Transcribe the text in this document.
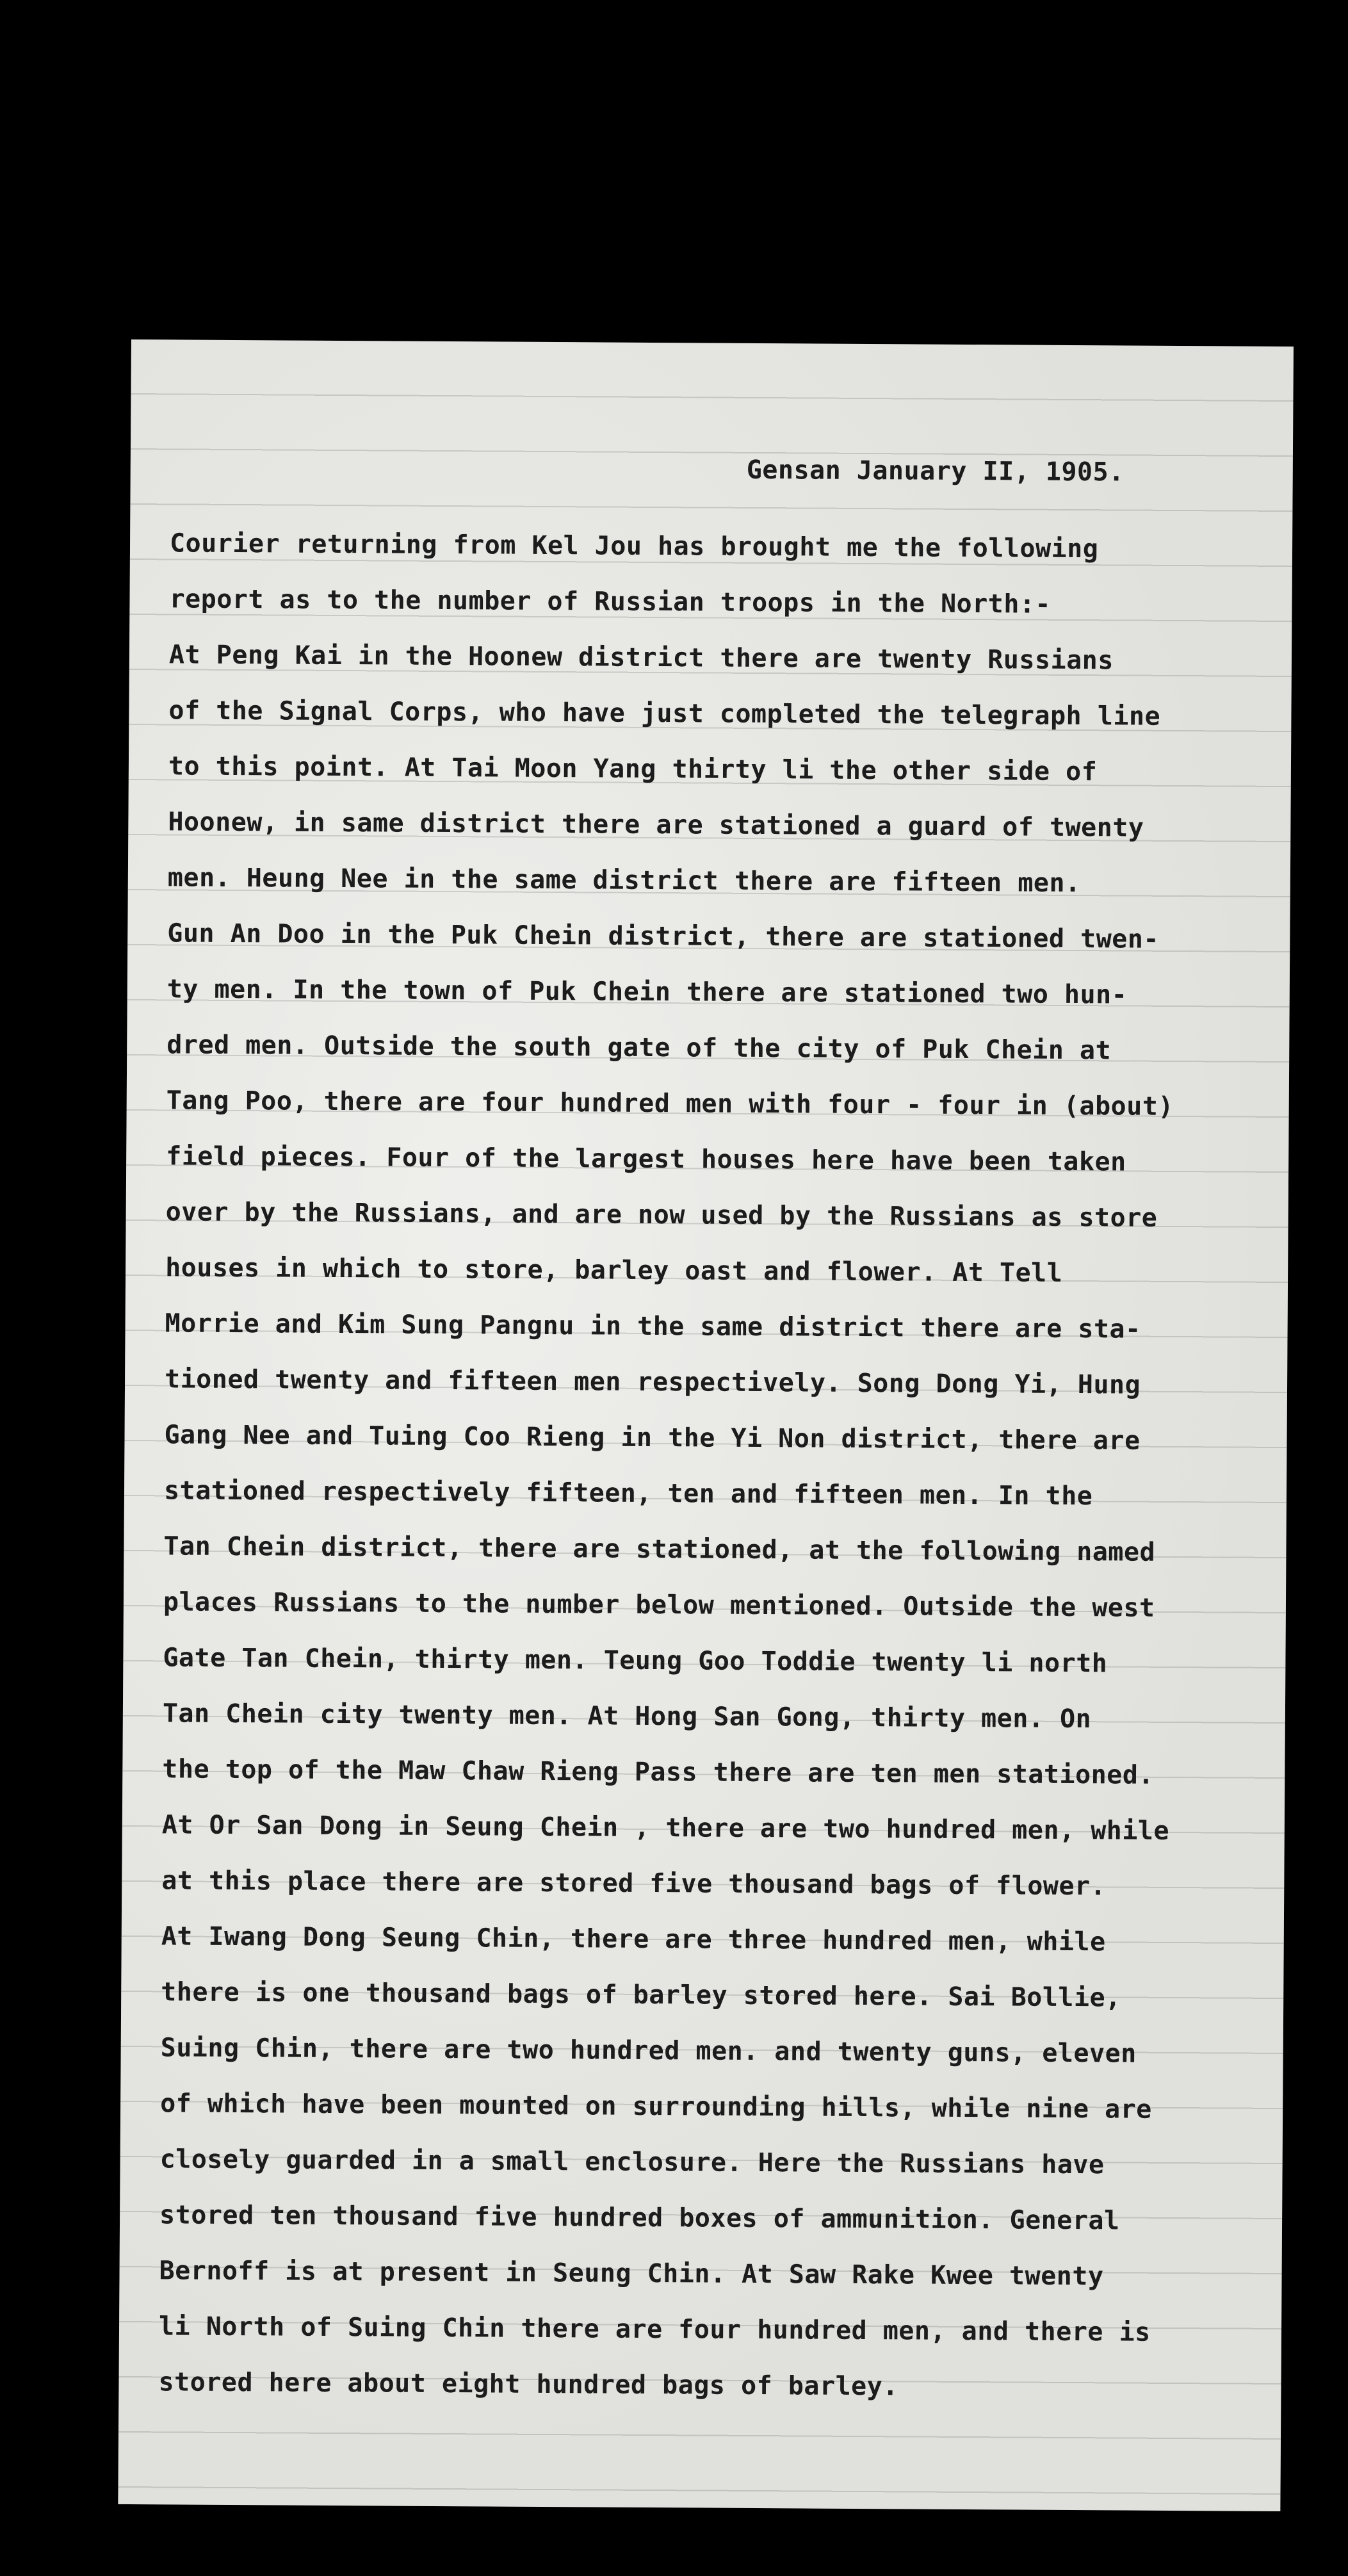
Gensan January II, 1905.
Courier returning from Kel Jou has brought me the following
report as to the number of Russian troops in the North:-
At Peng Kai in the Hoonew district there are twenty Russians
of the Signal Corps, who have just completed the telegraph line
to this point. At Tai Moon Yang thirty li the other side of
Hoonew, in same district there are stationed a guard of twenty
men. Heung Nee in the same district there are fifteen men.
Gun An Doo in the Puk Chein district, there are stationed twen-
ty men. In the town of Puk Chein there are stationed two hun-
dred men. Outside the south gate of the city of Puk Chein at
Tang Poo, there are four hundred men with four - four in (about)
field pieces. Four of the largest houses here have been taken
over by the Russians, and are now used by the Russians as store
houses in which to store, barley oast and flower. At Tell
Morrie and Kim Sung Pangnu in the same district there are sta-
tioned twenty and fifteen men respectively. Song Dong Yi, Hung
Gang Nee and Tuing Coo Rieng in the Yi Non district, there are
stationed respectively fifteen, ten and fifteen men. In the
Tan Chein district, there are stationed, at the following named
places Russians to the number below mentioned. Outside the west
Gate Tan Chein, thirty men. Teung Goo Toddie twenty li north
Tan Chein city twenty men. At Hong San Gong, thirty men. On
the top of the Maw Chaw Rieng Pass there are ten men stationed.
At Or San Dong in Seung Chein , there are two hundred men, while
at this place there are stored five thousand bags of flower.
At Iwang Dong Seung Chin, there are three hundred men, while
there is one thousand bags of barley stored here. Sai Bollie,
Suing Chin, there are two hundred men. and twenty guns, eleven
of which have been mounted on surrounding hills, while nine are
closely guarded in a small enclosure. Here the Russians have
stored ten thousand five hundred boxes of ammunition. General
Bernoff is at present in Seung Chin. At Saw Rake Kwee twenty
li North of Suing Chin there are four hundred men, and there is
stored here about eight hundred bags of barley.
